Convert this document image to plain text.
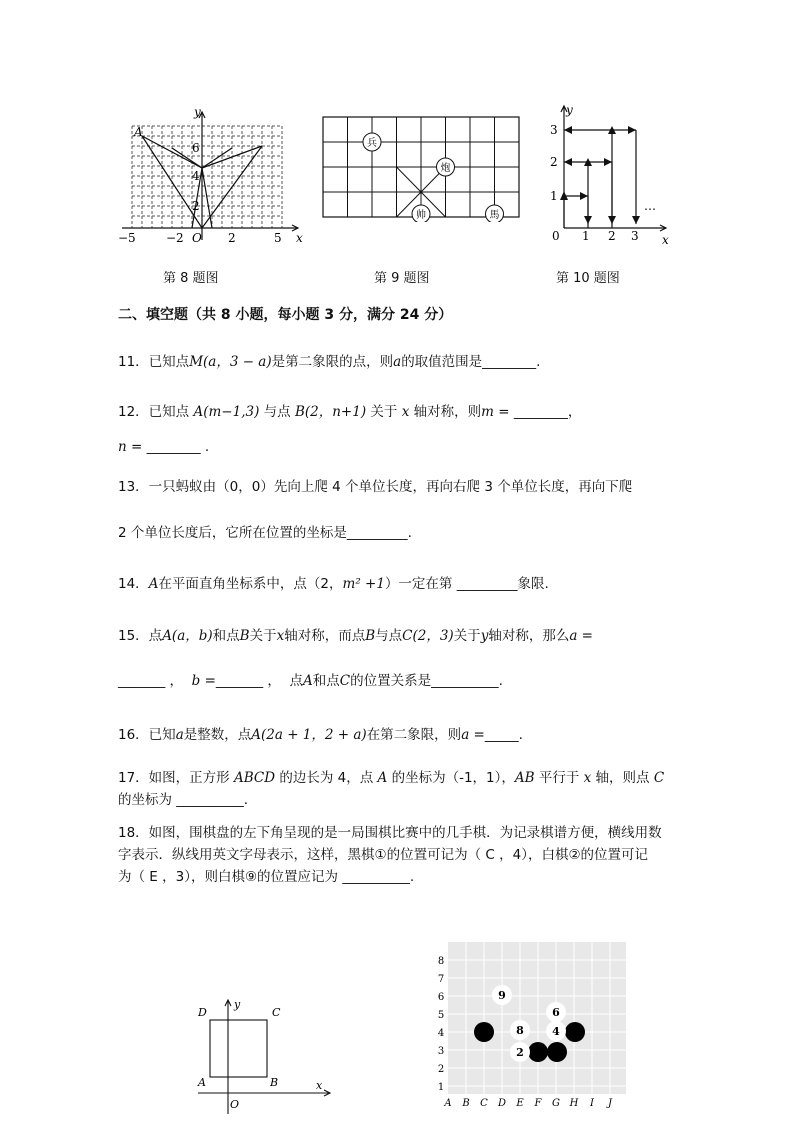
y
x
O
A
−5	−2	2	5
2
4
6
第 8 题图
兵
炮
帅	馬
第 9 题图
y
x
0 1 2 3
1
2
3
…
第 10 题图
二、填空题（共 8 小题，每小题 3 分，满分 24 分）
11．已知点M(a，3 − a)是第二象限的点，则a的取值范围是________.
12．已知点 A(m−1,3) 与点 B(2，n+1) 关于 x 轴对称，则m = ________，
n = ________ .
13．一只蚂蚁由（0，0）先向上爬 4 个单位长度，再向右爬 3 个单位长度，再向下爬
2 个单位长度后，它所在位置的坐标是_________.
14．A在平面直角坐标系中，点（2，m² +1）一定在第 _________象限.
15．点A(a，b)和点B关于x轴对称，而点B与点C(2，3)关于y轴对称，那么a =
_______ ， b =_______ ，  点A和点C的位置关系是__________.
16．已知a是整数，点A(2a + 1，2 + a)在第二象限，则a =_____.
17．如图，正方形 ABCD 的边长为 4，点 A 的坐标为（-1，1），AB 平行于 x 轴，则点 C
的坐标为 __________.
18．如图，围棋盘的左下角呈现的是一局围棋比赛中的几手棋．为记录棋谱方便，横线用数
字表示．纵线用英文字母表示，这样，黑棋①的位置可记为（ C ，4），白棋②的位置可记
为（ E ，3），则白棋⑨的位置应记为 __________.
D	C
A	B
y
x
O
1
2
3
4
5
6
7
8
A B C D E F G H I J
9
6
8	4
2
